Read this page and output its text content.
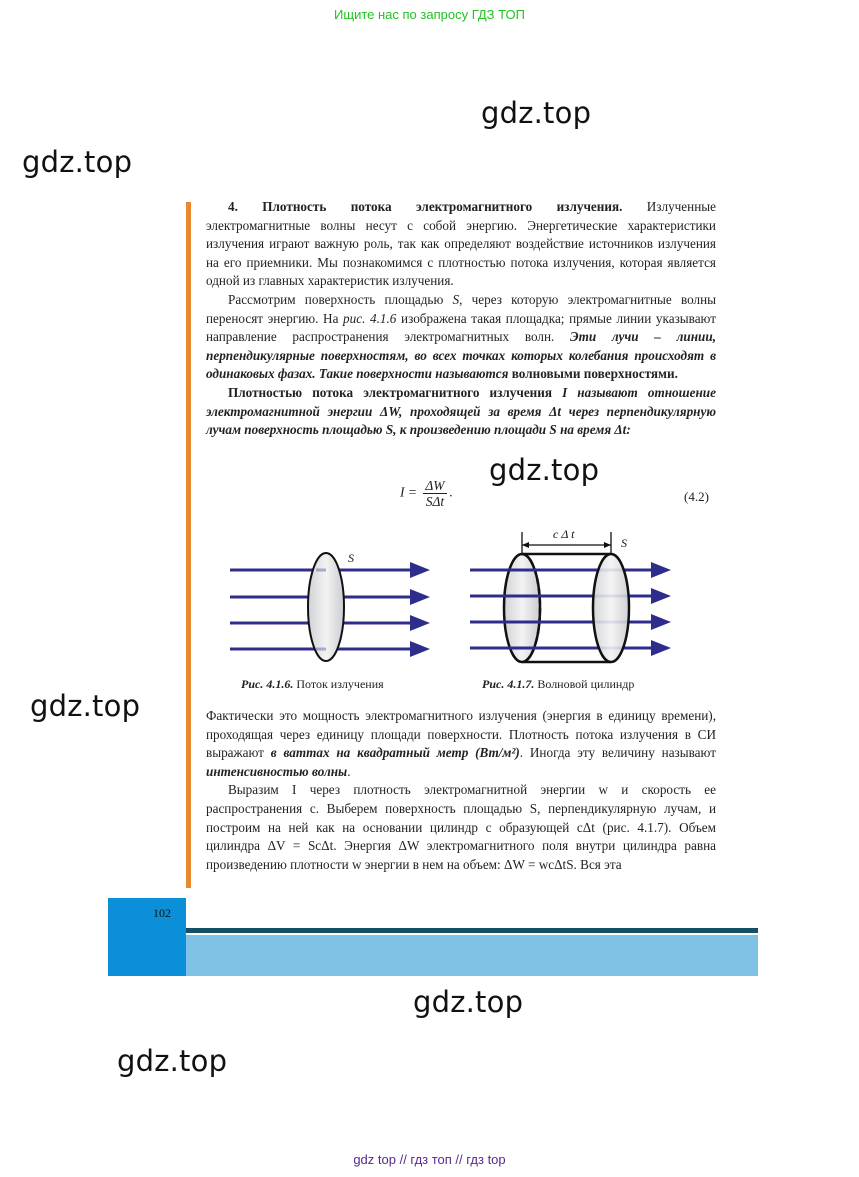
Ищите нас по запросу ГДЗ ТОП
gdz.top
gdz.top
gdz.top
gdz.top
gdz.top
gdz.top

4. Плотность потока электромагнитного излучения. Излученные электромагнитные волны несут с собой энергию. Энергетические характеристики излучения играют важную роль, так как определяют воздействие источников излучения на его приемники. Мы познакомимся с плотностью потока излучения, которая является одной из главных характеристик излучения.

Рассмотрим поверхность площадью S, через которую электромагнитные волны переносят энергию. На рис. 4.1.6 изображена такая площадка; прямые линии указывают направление распространения электромагнитных волн. Эти лучи – линии, перпендикулярные поверхностям, во всех точках которых колебания происходят в одинаковых фазах. Такие поверхности называются волновыми поверхностями.

Плотностью потока электромагнитного излучения I называют отношение электромагнитной энергии ΔW, проходящей за время Δt через перпендикулярную лучам поверхность площадью S, к произведению площади S на время Δt:

$I = \frac{\Delta W}{\text{SΔt}}$ .	(4.2)
S
c Δ t
S
Рис. 4.1.6. Поток излучения	Рис. 4.1.7. Волновой цилиндр

Фактически это мощность электромагнитного излучения (энергия в единицу времени), проходящая через единицу площади поверхности. Плотность потока излучения в СИ выражают в ваттах на квадратный метр (Вт/м²). Иногда эту величину называют интенсивностью волны.

Выразим I через плотность электромагнитной энергии w и скорость ее распространения c. Выберем поверхность площадью S, перпендикулярную лучам, и построим на ней как на основании цилиндр с образующей cΔt (рис. 4.1.7). Объем цилиндра ΔV = ScΔt. Энергия ΔW электромагнитного поля внутри цилиндра равна произведению плотности w энергии в нем на объем: ΔW = wcΔtS. Вся эта

102
gdz top // гдз топ // гдз top
